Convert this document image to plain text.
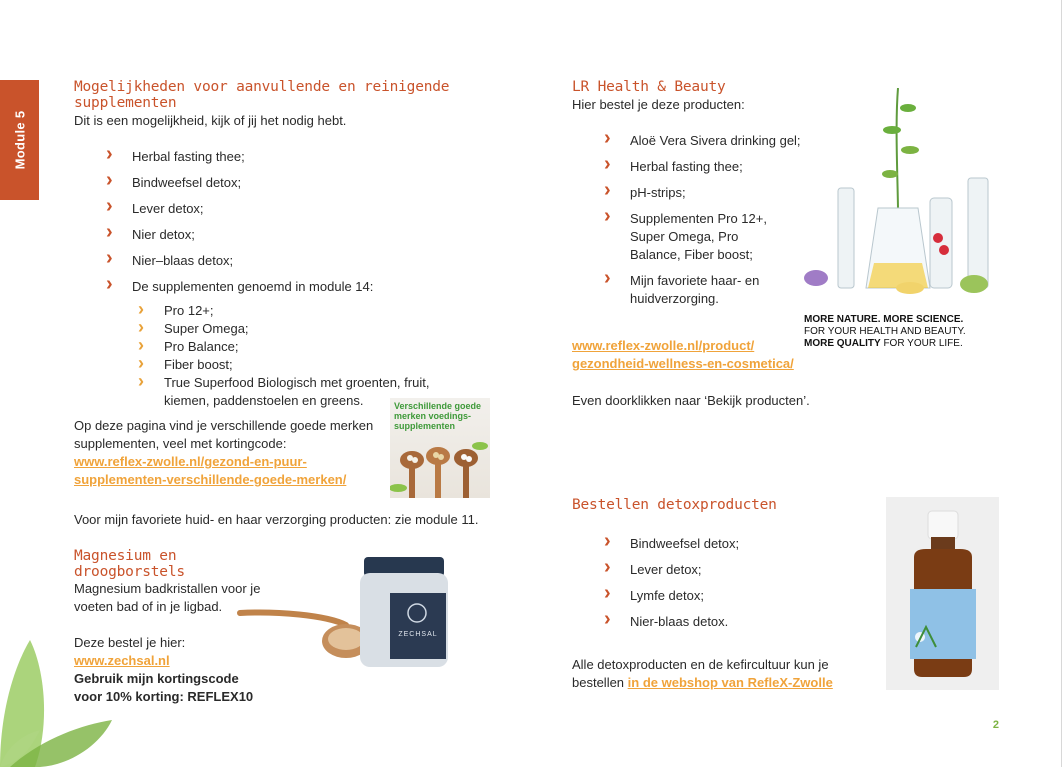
Module 5
Mogelijkheden voor aanvullende en reinigende supplementen

Dit is een mogelijkheid, kijk of jij het nodig hebt.

› Herbal fasting thee;
› Bindweefsel detox;
› Lever detox;
› Nier detox;
› Nier–blaas detox;
› De supplementen genoemd in module 14:
› Pro 12+;
› Super Omega;
› Pro Balance;
› Fiber boost;
› True Superfood Biologisch met groenten, fruit, kiemen, paddenstoelen en greens.

Op deze pagina vind je verschillende goede merken supplementen, veel met kortingcode:

www.reflex-zwolle.nl/gezond-en-puur-
supplementen-verschillende-goede-merken/
Verschillende goede merken voedings-supplementen

Voor mijn favoriete huid- en haar verzorging producten: zie module 11.

Magnesium en droogborstels

Magnesium badkristallen voor je voeten bad of in je ligbad.

Deze bestel je hier:

www.zechsal.nl

Gebruik mijn kortingscode

voor 10% korting: REFLEX10

ZECHSAL
LR Health & Beauty

Hier bestel je deze producten:

› Aloë Vera Sivera drinking gel;
› Herbal fasting thee;
› pH-strips;
› Supplementen Pro 12+, Super Omega, Pro Balance, Fiber boost;
› Mijn favoriete haar- en huidverzorging.
www.reflex-zwolle.nl/product/
gezondheid-wellness-en-cosmetica/

Even doorklikken naar ‘Bekijk producten’.

MORE NATURE. MORE SCIENCE.
FOR YOUR HEALTH AND BEAUTY.
MORE QUALITY FOR YOUR LIFE.
Bestellen detoxproducten
› Bindweefsel detox;
› Lever detox;
› Lymfe detox;
› Nier-blaas detox.

Alle detoxproducten en de kefircultuur kun je bestellen in de webshop van RefleX-Zwolle

2
